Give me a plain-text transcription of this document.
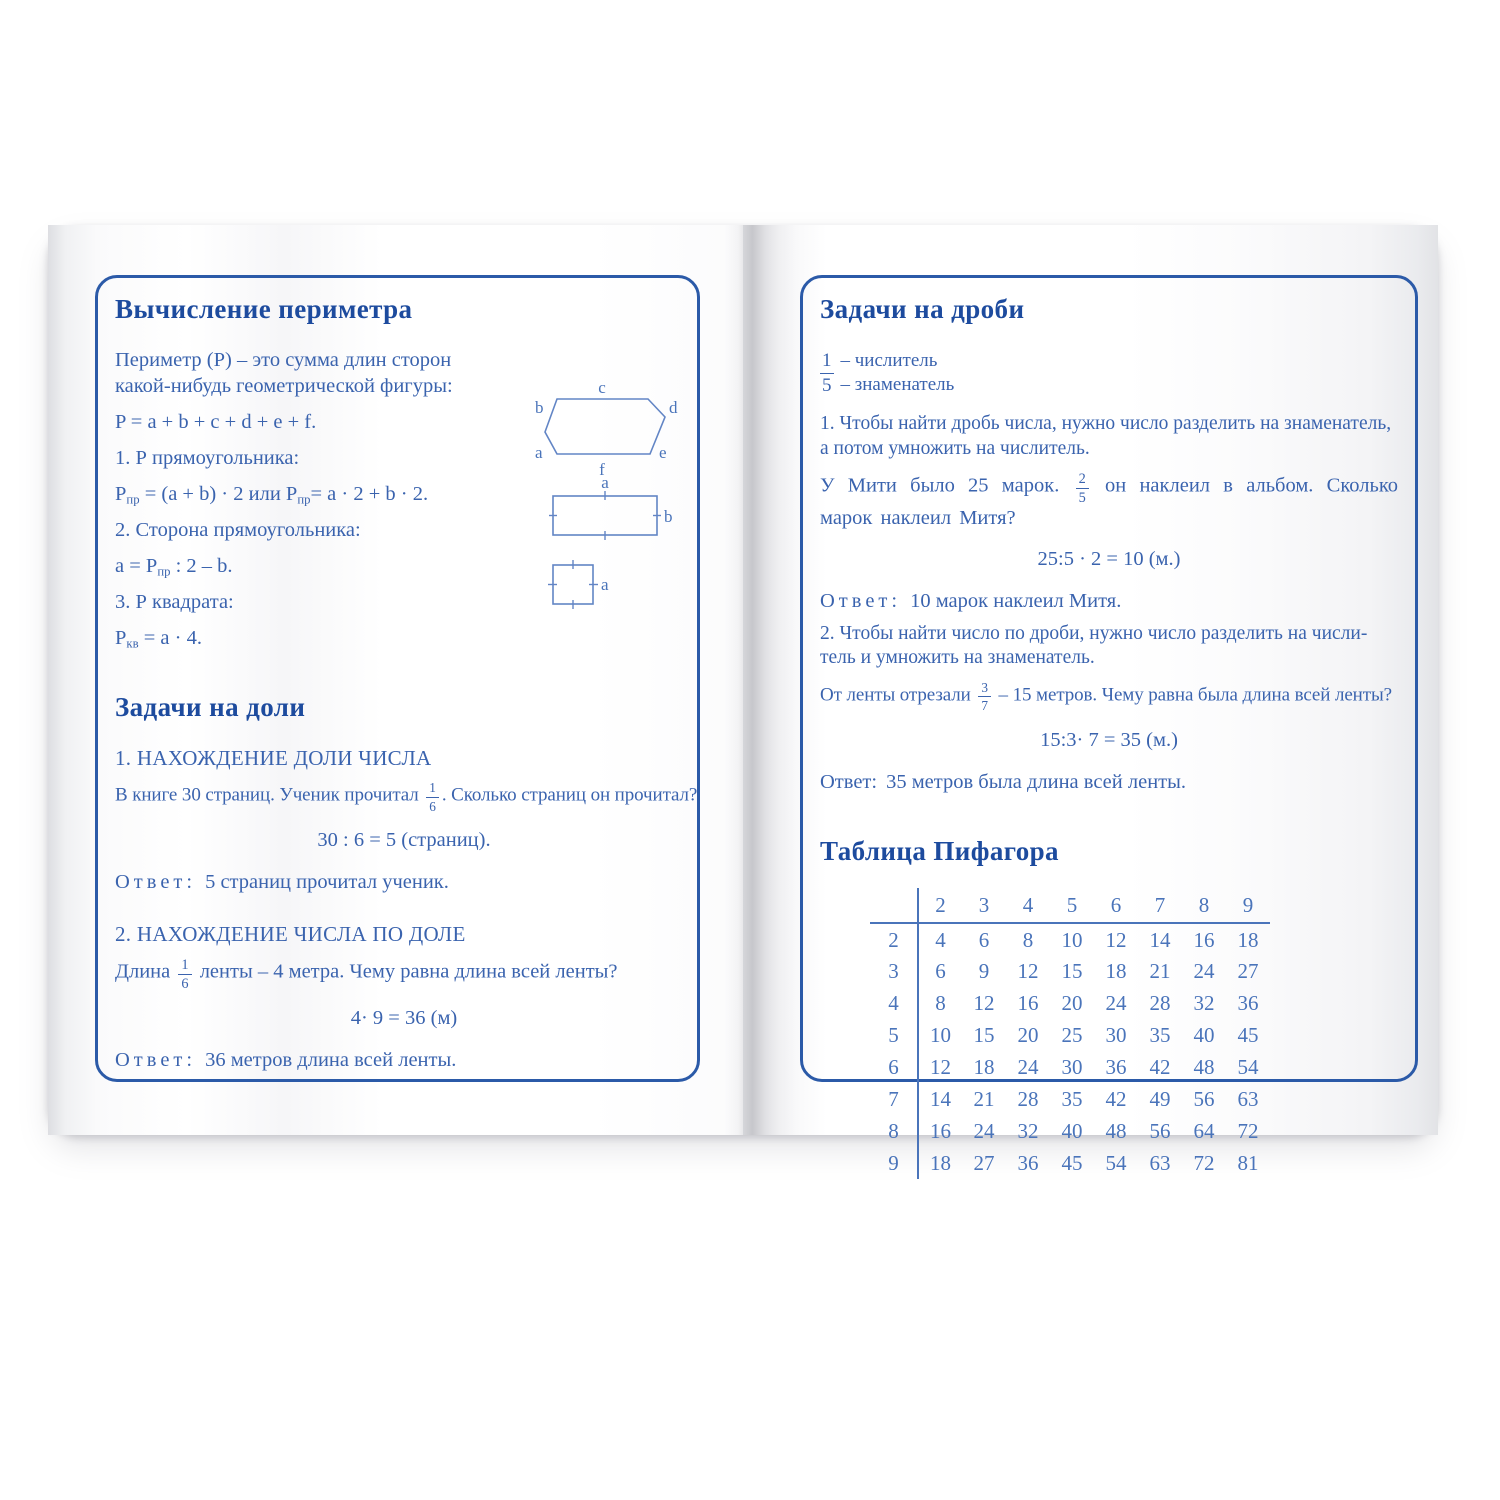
Вычисление периметра

Периметр (Р) – это сумма длин сторон какой-нибудь геометрической фигуры:

P = a + b + c + d + e + f.

1. Р прямоугольника:

$Р_{пр} = (a + b) \cdot 2$ или $Р_{пр}= a \cdot 2 + b \cdot 2$.

2. Сторона прямоугольника:

$a = Р_{пр}$ : 2 – b.

3. Р квадрата:

$Р_{кв} = a \cdot 4$.

c
b	d
a	e
f
a
b
a
Задачи на доли

1. НАХОЖДЕНИЕ ДОЛИ ЧИСЛА

В книге 30 страниц. Ученик прочитал $\frac{1}{6}$ . Сколько страниц он прочитал?

30 : 6 = 5 (страниц).

Ответ: 5 страниц прочитал ученик.

2. НАХОЖДЕНИЕ ЧИСЛА ПО ДОЛЕ

Длина $\frac{1}{6}$ ленты – 4 метра. Чему равна длина всей ленты?

4· 9 = 36 (м)

Ответ: 36 метров длина всей ленты.

Задачи на дроби
1 – числитель
5 – знаменатель

1. Чтобы найти дробь числа, нужно число разделить на знаменатель, а потом умножить на числитель.

У Мити было 25 марок. $\frac{2}{5}$ он наклеил в альбом. Сколько марок наклеил Митя?

25:5 · 2 = 10 (м.)

Ответ: 10 марок наклеил Митя.

2. Чтобы найти число по дроби, нужно число разделить на числи-
тель и умножить на знаменатель.

От ленты отрезали $\frac{3}{7} - 15$ метров. Чему равна была длина всей ленты?

15:3· 7 = 35 (м.)

Ответ: 35 метров была длина всей ленты.

Таблица Пифагора
	2	3	4	5	6	7	8	9
2	4	6	8	10	12	14	16	18
3	6	9	12	15	18	21	24	27
4	8	12	16	20	24	28	32	36
5	10	15	20	25	30	35	40	45
6	12	18	24	30	36	42	48	54
7	14	21	28	35	42	49	56	63
8	16	24	32	40	48	56	64	72
9	18	27	36	45	54	63	72	81
